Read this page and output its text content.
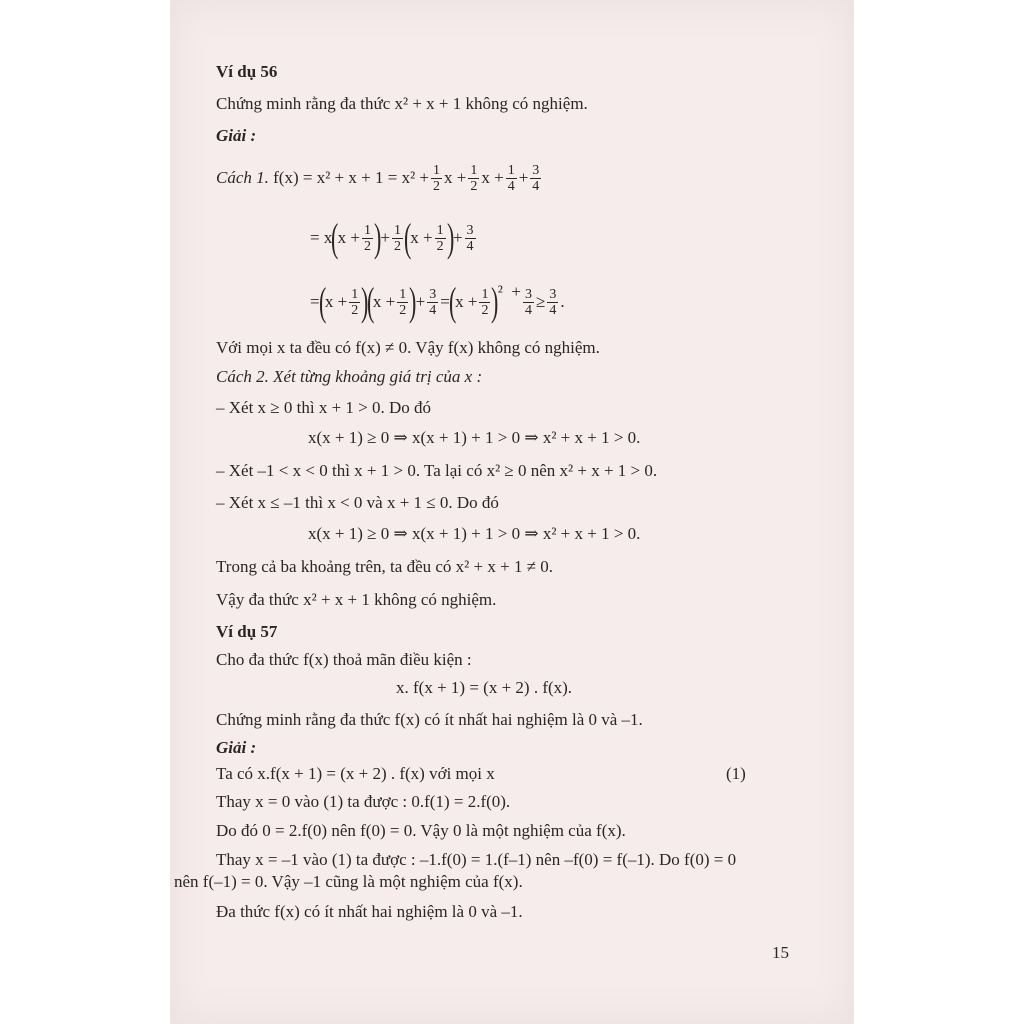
Ví dụ 56
Chứng minh rằng đa thức x² + x + 1 không có nghiệm.
Giải :
Cách 1.
$f(x) = x^2 + x + 1 = x^2 + \frac{1}{2}$ $x + \frac{1}{2}$ $x + \frac{1}{4} + \frac{3}{4}$
= x
(
$x + \frac{1}{2}$ )
+ $\frac{1}{2}$ (
$x + \frac{1}{2}$ )
+ $\frac{3}{4}$
=
(
$x + \frac{1}{2}$ )
(
$x + \frac{1}{2}$ )
+ $\frac{3}{4}$ =
(
$x + \frac{1}{2}$ )
$^2 + \frac{3}{4} \ge \frac{3}{4}$ .
Với mọi x ta đều có f(x) ≠ 0. Vậy f(x) không có nghiệm.
Cách 2. Xét từng khoảng giá trị của x :
– Xét x ≥ 0 thì x + 1 > 0. Do đó
x(x + 1) ≥ 0 ⇒ x(x + 1) + 1 > 0 ⇒ x² + x + 1 > 0.
– Xét –1 < x < 0 thì x + 1 > 0. Ta lại có x² ≥ 0 nên x² + x + 1 > 0.
– Xét x ≤ –1 thì x < 0 và x + 1 ≤ 0. Do đó
x(x + 1) ≥ 0 ⇒ x(x + 1) + 1 > 0 ⇒ x² + x + 1 > 0.
Trong cả ba khoảng trên, ta đều có x² + x + 1 ≠ 0.
Vậy đa thức x² + x + 1 không có nghiệm.
Ví dụ 57
Cho đa thức f(x) thoả mãn điều kiện :
x. f(x + 1) = (x + 2) . f(x).
Chứng minh rằng đa thức f(x) có ít nhất hai nghiệm là 0 và –1.
Giải :
Ta có x.f(x + 1) = (x + 2) . f(x) với mọi x	(1)
Thay x = 0 vào (1) ta được : 0.f(1) = 2.f(0).
Do đó 0 = 2.f(0) nên f(0) = 0. Vậy 0 là một nghiệm của f(x).
Thay x = –1 vào (1) ta được : –1.f(0) = 1.(f–1) nên –f(0) = f(–1). Do f(0) = 0
nên f(–1) = 0. Vậy –1 cũng là một nghiệm của f(x).
Đa thức f(x) có ít nhất hai nghiệm là 0 và –1.
15
